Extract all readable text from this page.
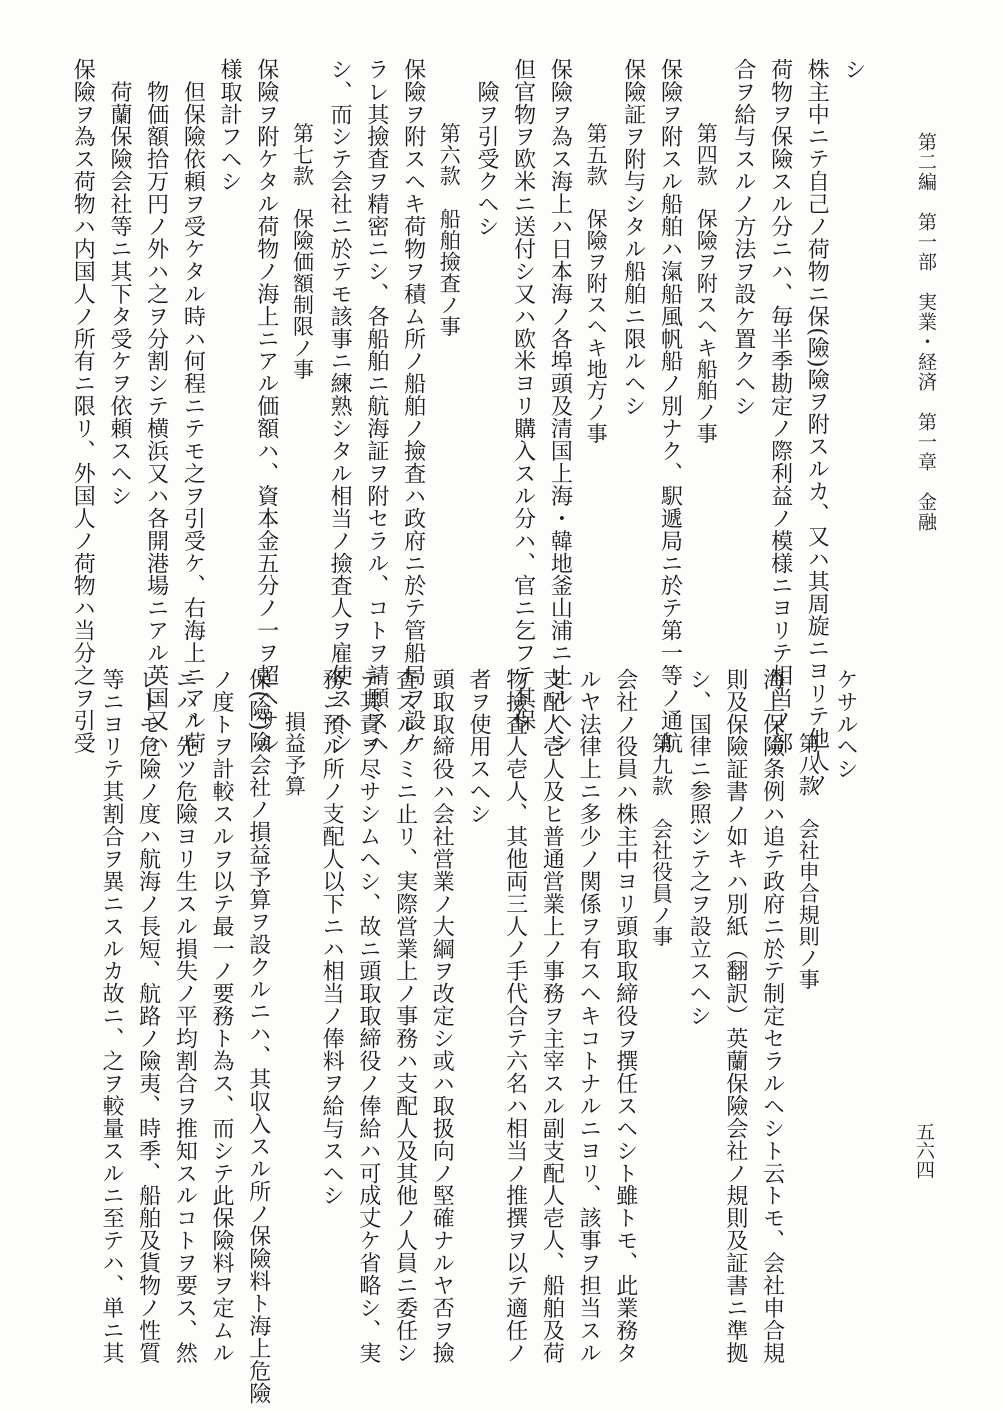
第二編　第一部　実業・経済　第一章　金融
シ
株主中ニテ自己ノ荷物ニ保(險)險ヲ附スルカ、又ハ其周旋ニヨリテ他人ノ
荷物ヲ保險スル分ニハ、毎半季勘定ノ際利益ノ模様ニヨリテ相当ノ部
合ヲ給与スルノ方法ヲ設ケ置クヘシ
　　　第四款　保險ヲ附スヘキ船舶ノ事
保險ヲ附スル船舶ハ滊船風帆船ノ別ナク、駅遞局ニ於テ第一等ノ通航
保險証ヲ附与シタル船舶ニ限ルヘシ
　　　第五款　保險ヲ附スヘキ地方ノ事
保險ヲ為ス海上ハ日本海ノ各埠頭及清国上海・韓地釜山浦ニ止ルヘシ
但官物ヲ欧米ニ送付シ又ハ欧米ヨリ購入スル分ハ、官ニ乞フテ其保
　險ヲ引受クヘシ
　　　第六款　船舶撿査ノ事
保險ヲ附スヘキ荷物ヲ積ム所ノ船舶ノ撿査ハ政府ニ於テ管船局ヲ設ケ
ラレ其撿査ヲ精密ニシ、各船舶ニ航海証ヲ附セラル、コトヲ請願スヘ
シ、而シテ会社ニ於テモ該事ニ練熟シタル相当ノ撿査人ヲ雇使スヘシ
　　　第七款　保險価額制限ノ事
保險ヲ附ケタル荷物ノ海上ニアル価額ハ、資本金五分ノ一ヲ超ヘサル
様取計フヘシ
　但保險依頼ヲ受ケタル時ハ何程ニテモ之ヲ引受ケ、右海上ニアル荷
　物価額拾万円ノ外ハ之ヲ分割シテ横浜又ハ各開港場ニアル英国又ハ
　荷蘭保險会社等ニ其下タ受ケヲ依頼スヘシ
保險ヲ為ス荷物ハ内国人ノ所有ニ限リ、外国人ノ荷物ハ当分之ヲ引受	ケサルヘシ
　　　第八款　会社申合規則ノ事
海上保險条例ハ追テ政府ニ於テ制定セラルヘシト云トモ、会社申合規
則及保險証書ノ如キハ別紙（翻訳）英蘭保險会社ノ規則及証書ニ準拠
シ、国律ニ参照シテ之ヲ設立スヘシ
　　　第九款　会社役員ノ事
会社ノ役員ハ株主中ヨリ頭取取締役ヲ撰任スヘシト雖トモ、此業務タ
ルヤ法律上ニ多少ノ関係ヲ有スヘキコトナルニヨリ、該事ヲ担当スル
支配人壱人及ヒ普通営業上ノ事務ヲ主宰スル副支配人壱人、船舶及荷
物撿査人壱人、其他両三人ノ手代合テ六名ハ相当ノ推撰ヲ以テ適任ノ
者ヲ使用スヘシ
頭取取締役ハ会社営業ノ大綱ヲ改定シ或ハ取扱向ノ堅確ナルヤ否ヲ撿
査スルノミニ止リ、実際営業上ノ事務ハ支配人及其他ノ人員ニ委任シ
テ其責ヲ尽サシムヘシ、故ニ頭取取締役ノ俸給ハ可成丈ケ省略シ、実
務ニ預ル所ノ支配人以下ニハ相当ノ俸料ヲ給与スヘシ
　　損益予算
保(險)險会社ノ損益予算ヲ設クルニハ、其収入スル所ノ保險料ト海上危險
ノ度トヲ計較スルヲ以テ最一ノ要務ト為ス、而シテ此保險料ヲ定ムル
ニハ、先ツ危險ヨリ生スル損失ノ平均割合ヲ推知スルコトヲ要ス、然
レトモ危險ノ度ハ航海ノ長短、航路ノ險夷、時季、船舶及貨物ノ性質
等ニヨリテ其割合ヲ異ニスルカ故ニ、之ヲ較量スルニ至テハ、単ニ其	五六四
